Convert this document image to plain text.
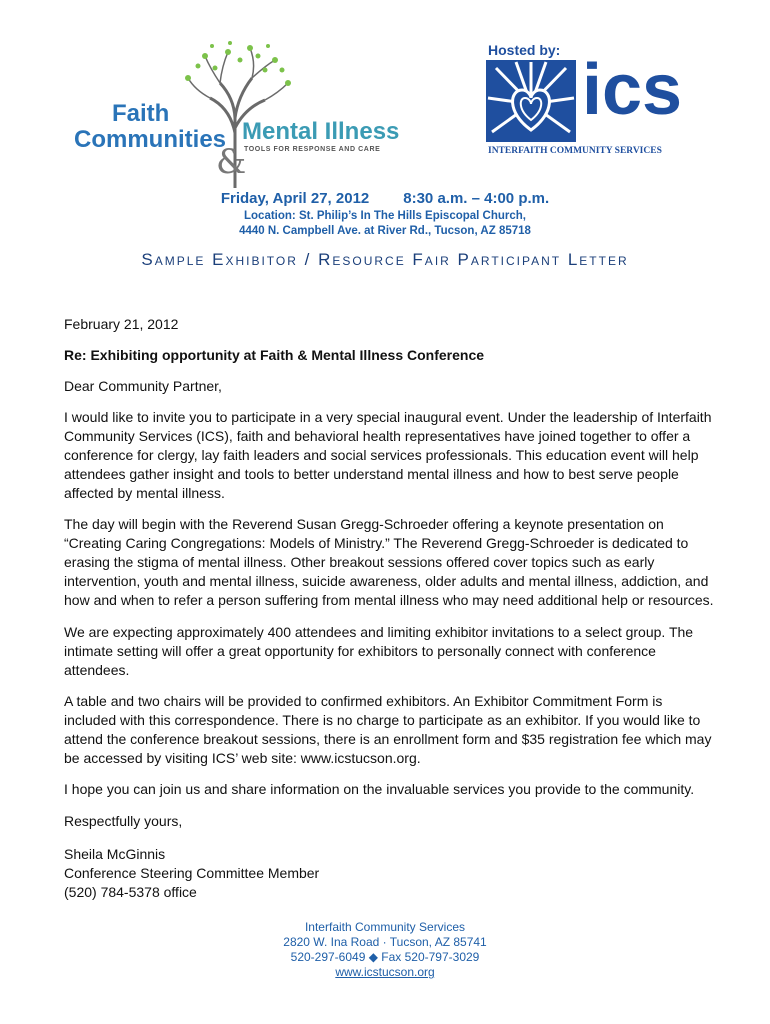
Faith
Communities Mental Illness
TOOLS FOR RESPONSE AND CARE
&
Hosted by: ics
INTERFAITH COMMUNITY SERVICES
Friday, April 27, 2012 8:30 a.m. – 4:00 p.m.
Location: St. Philip’s In The Hills Episcopal Church,
4440 N. Campbell Ave. at River Rd., Tucson, AZ 85718
Sample Exhibitor / Resource Fair Participant Letter
February 21, 2012
Re: Exhibiting opportunity at Faith & Mental Illness Conference
Dear Community Partner,
I would like to invite you to participate in a very special inaugural event. Under the leadership of Interfaith Community Services (ICS), faith and behavioral health representatives have joined together to offer a conference for clergy, lay faith leaders and social services professionals. This education event will help attendees gather insight and tools to better understand mental illness and how to best serve people affected by mental illness.
The day will begin with the Reverend Susan Gregg-Schroeder offering a keynote presentation on “Creating Caring Congregations: Models of Ministry.” The Reverend Gregg-Schroeder is dedicated to erasing the stigma of mental illness. Other breakout sessions offered cover topics such as early intervention, youth and mental illness, suicide awareness, older adults and mental illness, addiction, and how and when to refer a person suffering from mental illness who may need additional help or resources.
We are expecting approximately 400 attendees and limiting exhibitor invitations to a select group. The intimate setting will offer a great opportunity for exhibitors to personally connect with conference attendees.
A table and two chairs will be provided to confirmed exhibitors. An Exhibitor Commitment Form is included with this correspondence. There is no charge to participate as an exhibitor. If you would like to attend the conference breakout sessions, there is an enrollment form and $35 registration fee which may be accessed by visiting ICS’ web site: www.icstucson.org.
I hope you can join us and share information on the invaluable services you provide to the community.
Respectfully yours,
Sheila McGinnis
Conference Steering Committee Member
(520) 784-5378 office
Interfaith Community Services
2820 W. Ina Road · Tucson, AZ 85741
520-297-6049 ◆ Fax 520-797-3029
www.icstucson.org
